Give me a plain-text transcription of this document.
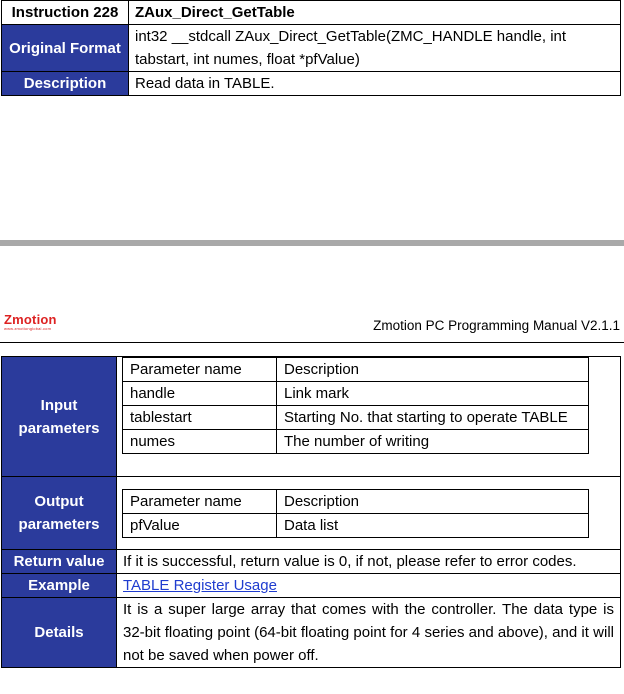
Instruction 228	ZAux_Direct_GetTable
Original Format	int32 __stdcall ZAux_Direct_GetTable(ZMC_HANDLE handle, int tabstart, int numes, float *pfValue)
Description	Read data in TABLE.
Zmotion
www.zmotionglobal.com	Zmotion PC Programming Manual V2.1.1
Input parameters	
Parameter name	Description
handle	Link mark
tablestart	Starting No. that starting to operate TABLE
numes	The number of writing

Output parameters	
Parameter name	Description
pfValue	Data list

Return value	If it is successful, return value is 0, if not, please refer to error codes.
Example	TABLE Register Usage
Details	It is a super large array that comes with the controller. The data type is 32-bit floating point (64-bit floating point for 4 series and above), and it will not be saved when power off.
